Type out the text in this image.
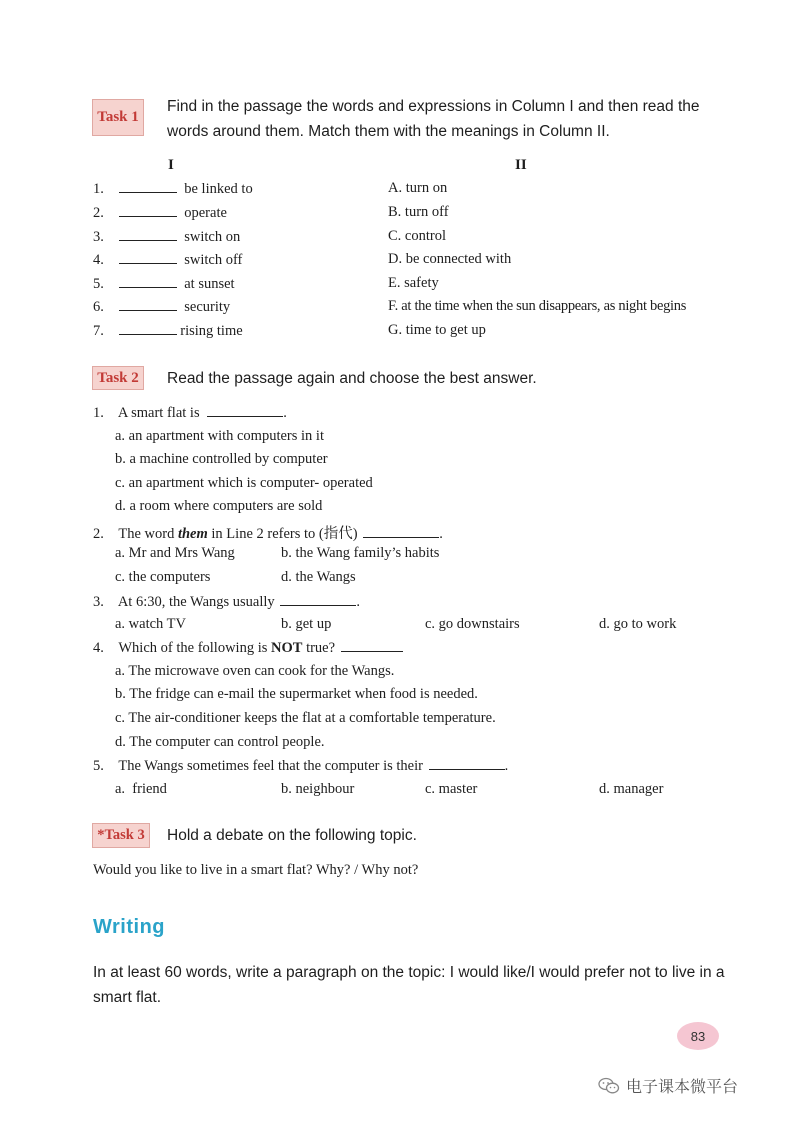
Task 1
Find in the passage the words and expressions in Column I and then read the words around them. Match them with the meanings in Column II.
I	II
1.	be linked to	A. turn on
2.	operate	B. turn off
3.	switch on	C. control
4.	switch off	D. be connected with
5.	at sunset	E. safety
6.	security	F. at the time when the sun disappears, as night begins
7.	rising time	G. time to get up
Task 2 Read the passage again and choose the best answer.
1. A smart flat is	.
a. an apartment with computers in it
b. a machine controlled by computer
c. an apartment which is computer- operated
d. a room where computers are sold
2. The word them in Line 2 refers to (指代)	.
a. Mr and Mrs Wang	b. the Wang family’s habits
c. the computers	d. the Wangs
3. At 6:30, the Wangs usually	.
a. watch TV	b. get up	c. go downstairs	d. go to work
4. Which of the following is NOT true?
a. The microwave oven can cook for the Wangs.
b. The fridge can e-mail the supermarket when food is needed.
c. The air-conditioner keeps the flat at a comfortable temperature.
d. The computer can control people.
5. The Wangs sometimes feel that the computer is their	.
a.  friend	b. neighbour	c. master	d. manager
*Task 3 Hold a debate on the following topic.
Would you like to live in a smart flat? Why? / Why not?
Writing
In at least 60 words, write a paragraph on the topic: I would like/I would prefer not to live in a smart flat.
83
电子课本微平台
